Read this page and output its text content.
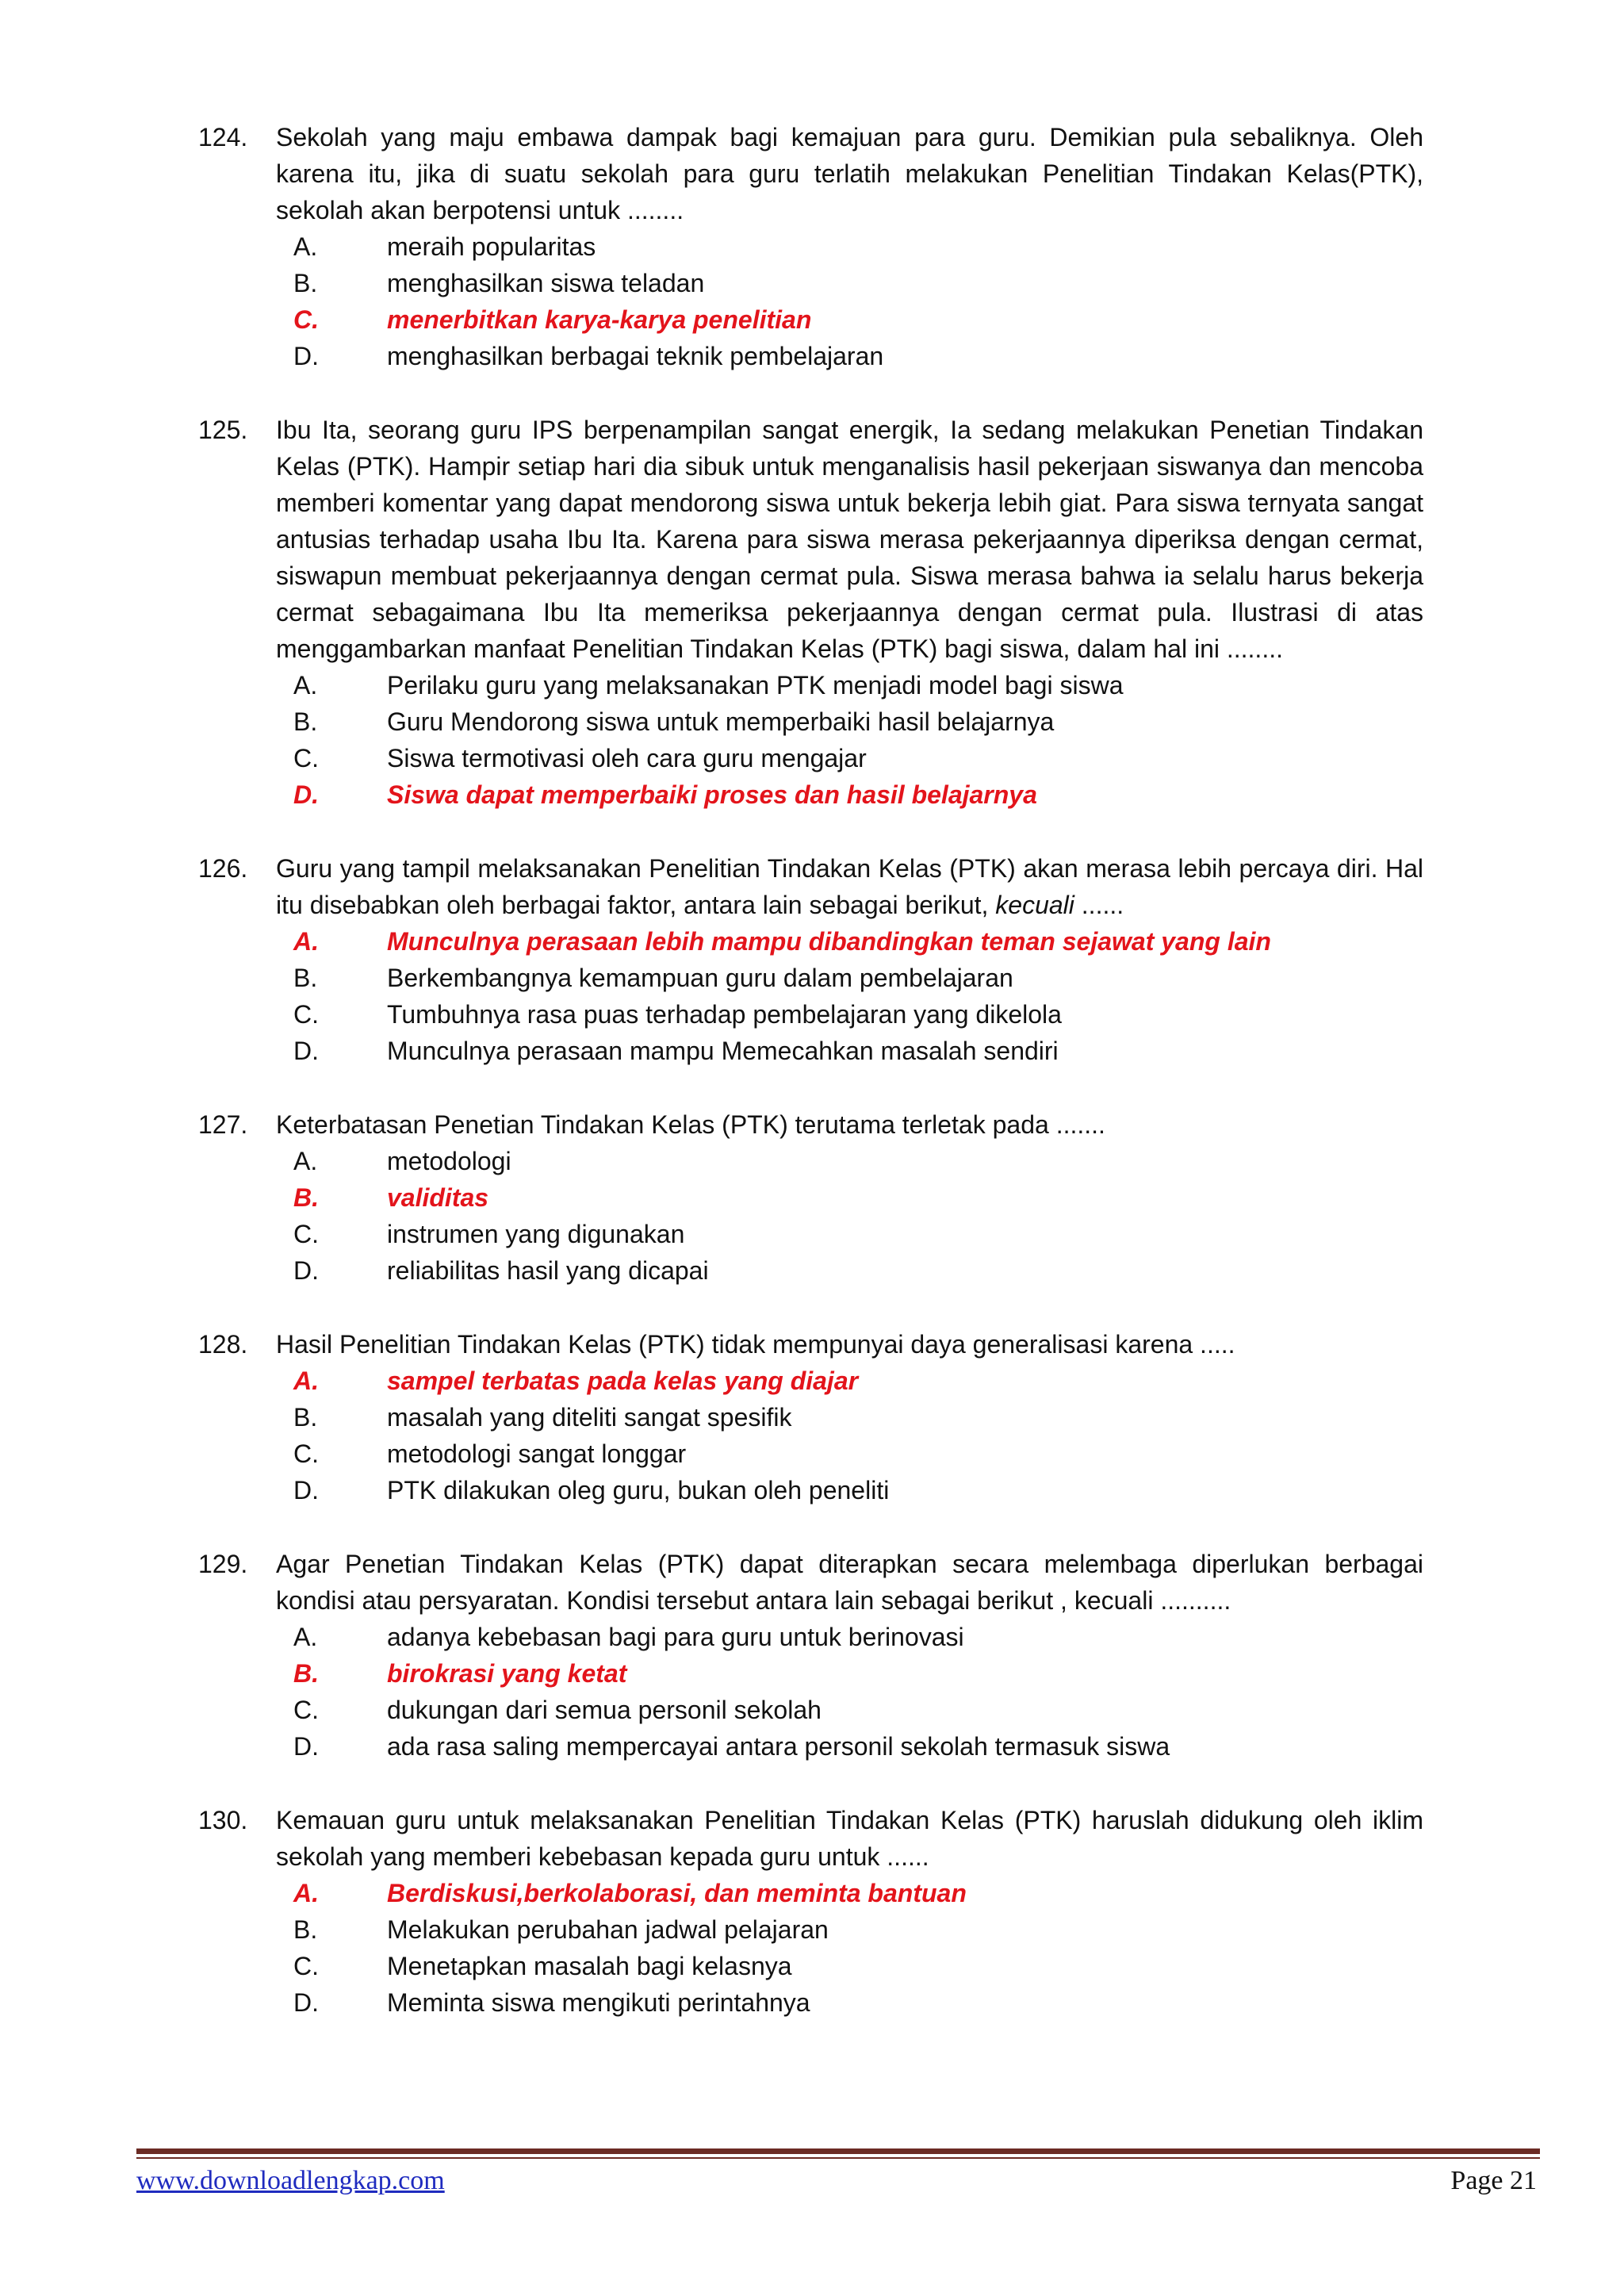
124.	Sekolah yang maju embawa dampak bagi kemajuan para guru. Demikian pula sebaliknya. Oleh karena itu, jika di suatu sekolah para guru terlatih melakukan Penelitian Tindakan Kelas(PTK), sekolah akan berpotensi untuk ........
A.	meraih popularitas
B.	menghasilkan siswa teladan
C.	menerbitkan karya-karya penelitian
D.	menghasilkan berbagai teknik pembelajaran
125.	Ibu Ita, seorang guru IPS berpenampilan sangat energik, Ia sedang melakukan Penetian Tindakan Kelas (PTK). Hampir setiap hari dia sibuk untuk menganalisis hasil pekerjaan siswanya dan mencoba memberi komentar yang dapat mendorong siswa untuk bekerja lebih giat. Para siswa ternyata sangat antusias terhadap usaha Ibu Ita. Karena para siswa merasa pekerjaannya diperiksa dengan cermat, siswapun membuat pekerjaannya dengan cermat pula. Siswa merasa bahwa ia selalu harus bekerja cermat sebagaimana Ibu Ita memeriksa pekerjaannya dengan cermat pula. Ilustrasi di atas menggambarkan manfaat Penelitian Tindakan Kelas (PTK) bagi siswa, dalam hal ini ........
A.	Perilaku guru yang melaksanakan PTK menjadi model bagi siswa
B.	Guru Mendorong siswa untuk memperbaiki hasil belajarnya
C.	Siswa termotivasi oleh cara guru mengajar
D.	Siswa dapat memperbaiki proses dan hasil belajarnya
126.	Guru yang tampil melaksanakan Penelitian Tindakan Kelas (PTK) akan merasa lebih percaya diri. Hal itu disebabkan oleh berbagai faktor, antara lain sebagai berikut, kecuali ......
A.	Munculnya perasaan lebih mampu dibandingkan teman sejawat yang lain
B.	Berkembangnya kemampuan guru dalam pembelajaran
C.	Tumbuhnya rasa puas terhadap pembelajaran yang dikelola
D.	Munculnya perasaan mampu Memecahkan masalah sendiri
127.	Keterbatasan Penetian Tindakan Kelas (PTK) terutama terletak pada .......
A.	metodologi
B.	validitas
C.	instrumen yang digunakan
D.	reliabilitas hasil yang dicapai
128.	Hasil Penelitian Tindakan Kelas (PTK) tidak mempunyai daya generalisasi karena .....
A.	sampel terbatas pada kelas yang diajar
B.	masalah yang diteliti sangat spesifik
C.	metodologi sangat longgar
D.	PTK dilakukan oleg guru, bukan oleh peneliti
129.	Agar Penetian Tindakan Kelas (PTK) dapat diterapkan secara melembaga diperlukan berbagai kondisi atau persyaratan. Kondisi tersebut antara lain sebagai berikut , kecuali ..........
A.	adanya kebebasan bagi para guru untuk berinovasi
B.	birokrasi yang ketat
C.	dukungan dari semua personil sekolah
D.	ada rasa saling mempercayai antara personil sekolah termasuk siswa
130.	Kemauan guru untuk melaksanakan Penelitian Tindakan Kelas (PTK) haruslah didukung oleh iklim sekolah yang memberi kebebasan kepada guru untuk ......
A.	Berdiskusi,berkolaborasi, dan meminta bantuan
B.	Melakukan perubahan jadwal pelajaran
C.	Menetapkan masalah bagi kelasnya
D.	Meminta siswa mengikuti perintahnya
www.downloadlengkap.com	Page 21
